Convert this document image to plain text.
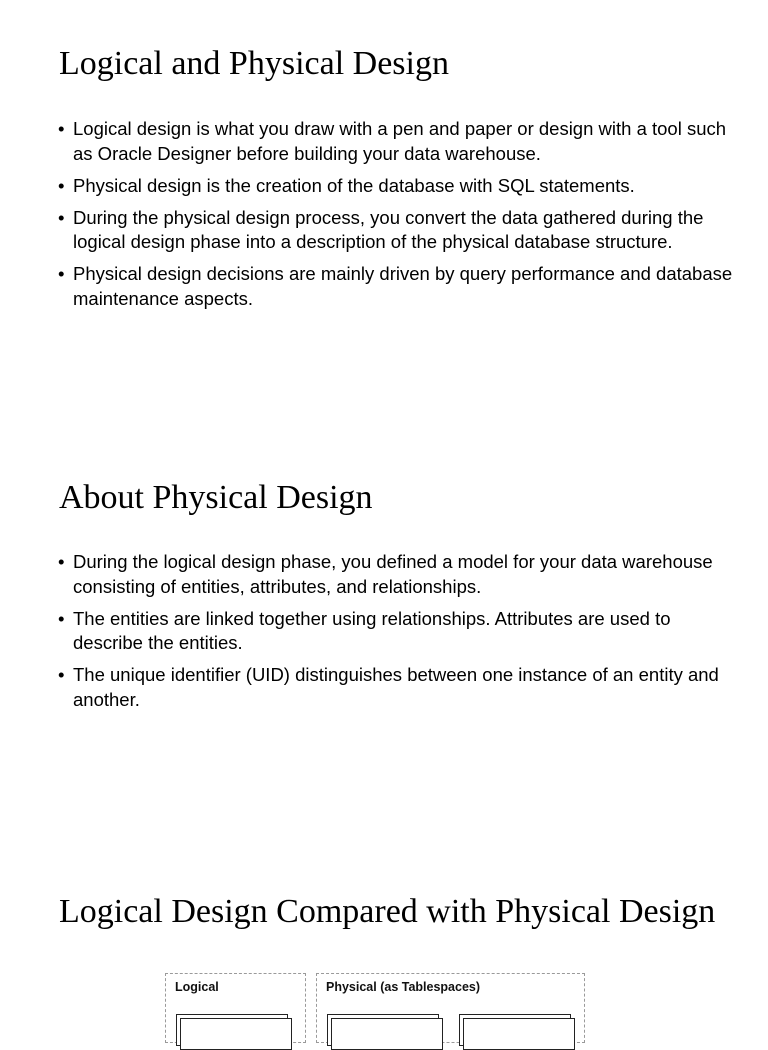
Logical and Physical Design
• Logical design is what you draw with a pen and paper or design with a tool such as Oracle Designer before building your data warehouse.
• Physical design is the creation of the database with SQL statements.
• During the physical design process, you convert the data gathered during the logical design phase into a description of the physical database structure.
• Physical design decisions are mainly driven by query performance and database maintenance aspects.
About Physical Design
• During the logical design phase, you defined a model for your data warehouse consisting of entities, attributes, and relationships.
• The entities are linked together using relationships. Attributes are used to describe the entities.
• The unique identifier (UID) distinguishes between one instance of an entity and another.
Logical Design Compared with Physical Design
Logical	Physical (as Tablespaces)
